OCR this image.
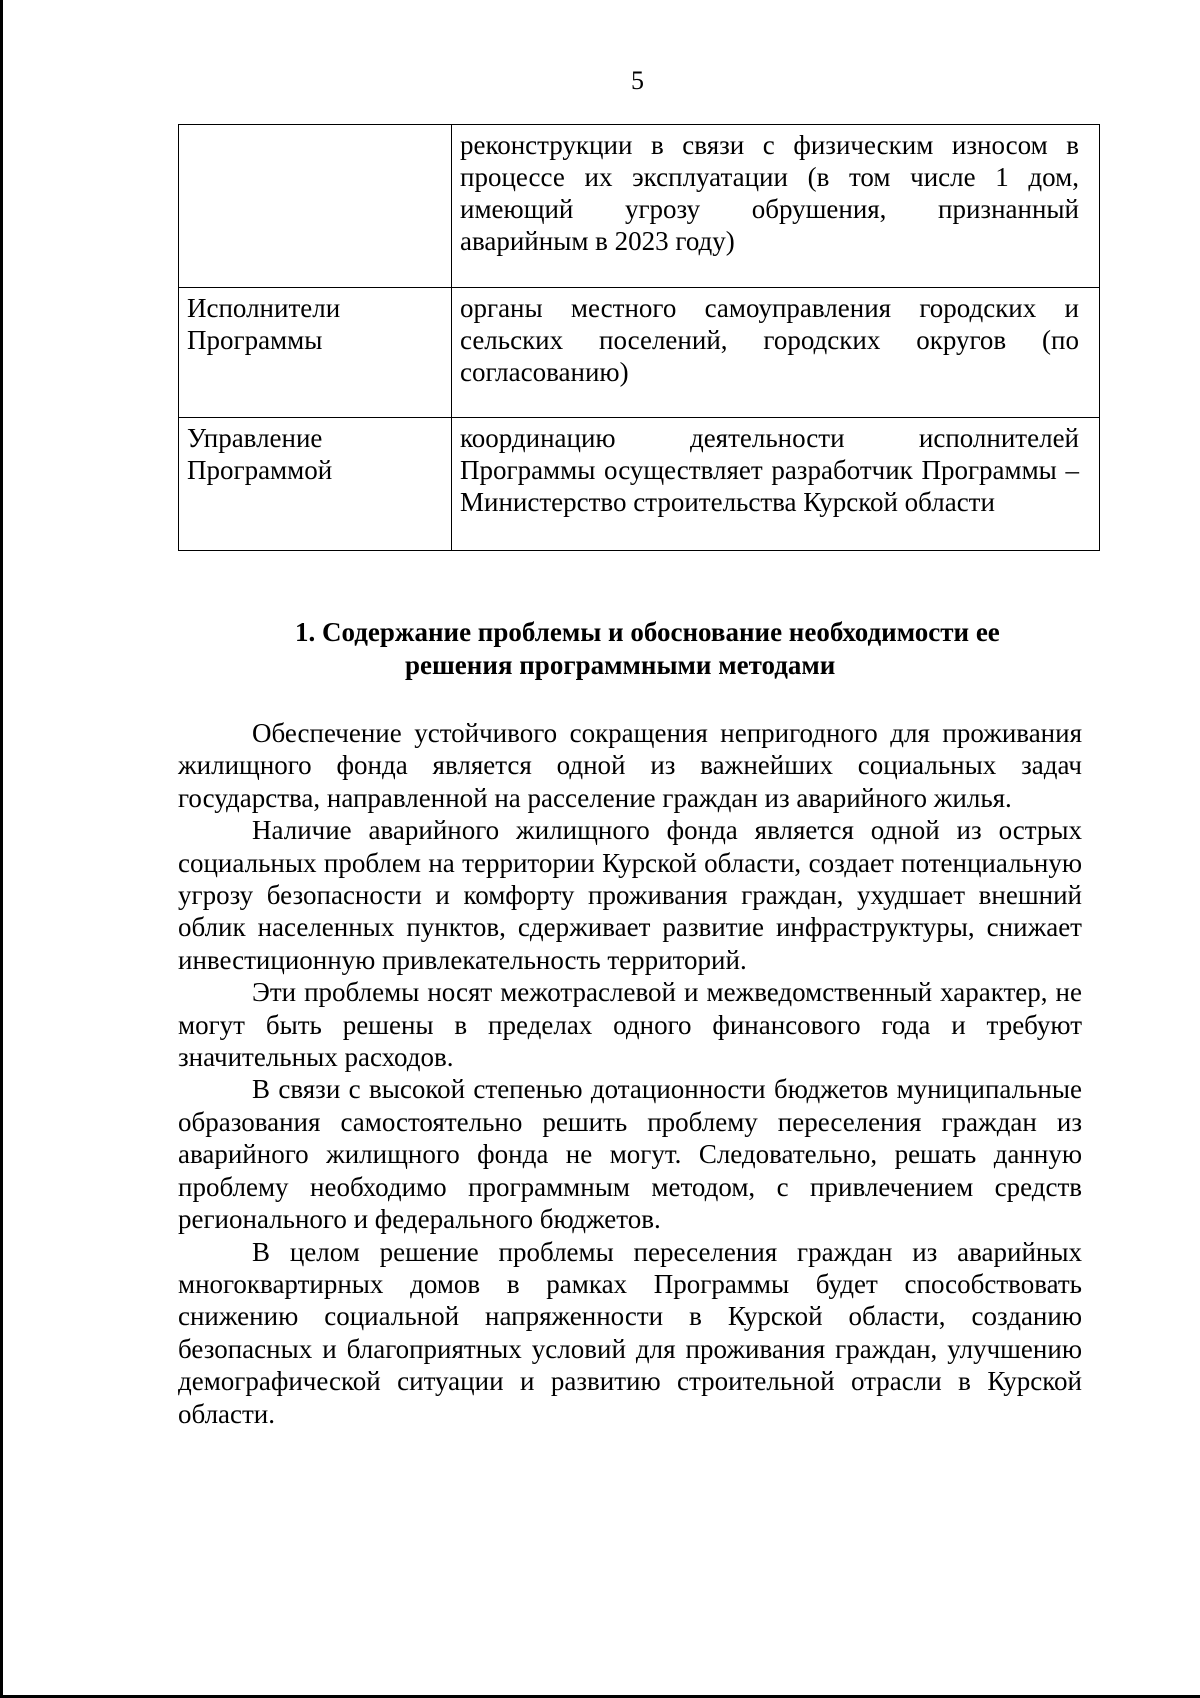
5
	реконструкции в связи с физическим износом в процессе их эксплуатации (в том числе 1 дом, имеющий угрозу обрушения, признанный аварийным в 2023 году)
Исполнители Программы	органы местного самоуправления городских и сельских поселений, городских округов (по согласованию)
Управление Программой	координацию деятельности исполнителей Программы осуществляет разработчик Программы – Министерство строительства Курской области
1. Содержание проблемы и обоснование необходимости ее
решения программными методами

Обеспечение устойчивого сокращения непригодного для проживания жилищного фонда является одной из важнейших социальных задач государства, направленной на расселение граждан из аварийного жилья.

Наличие аварийного жилищного фонда является одной из острых социальных проблем на территории Курской области, создает потенциальную угрозу безопасности и комфорту проживания граждан, ухудшает внешний облик населенных пунктов, сдерживает развитие инфраструктуры, снижает инвестиционную привлекательность территорий.

Эти проблемы носят межотраслевой и межведомственный характер, не могут быть решены в пределах одного финансового года и требуют значительных расходов.

В связи с высокой степенью дотационности бюджетов муниципальные образования самостоятельно решить проблему переселения граждан из аварийного жилищного фонда не могут. Следовательно, решать данную проблему необходимо программным методом, с привлечением средств регионального и федерального бюджетов.

В целом решение проблемы переселения граждан из аварийных многоквартирных домов в рамках Программы будет способствовать снижению социальной напряженности в Курской области, созданию безопасных и благоприятных условий для проживания граждан, улучшению демографической ситуации и развитию строительной отрасли в Курской области.
